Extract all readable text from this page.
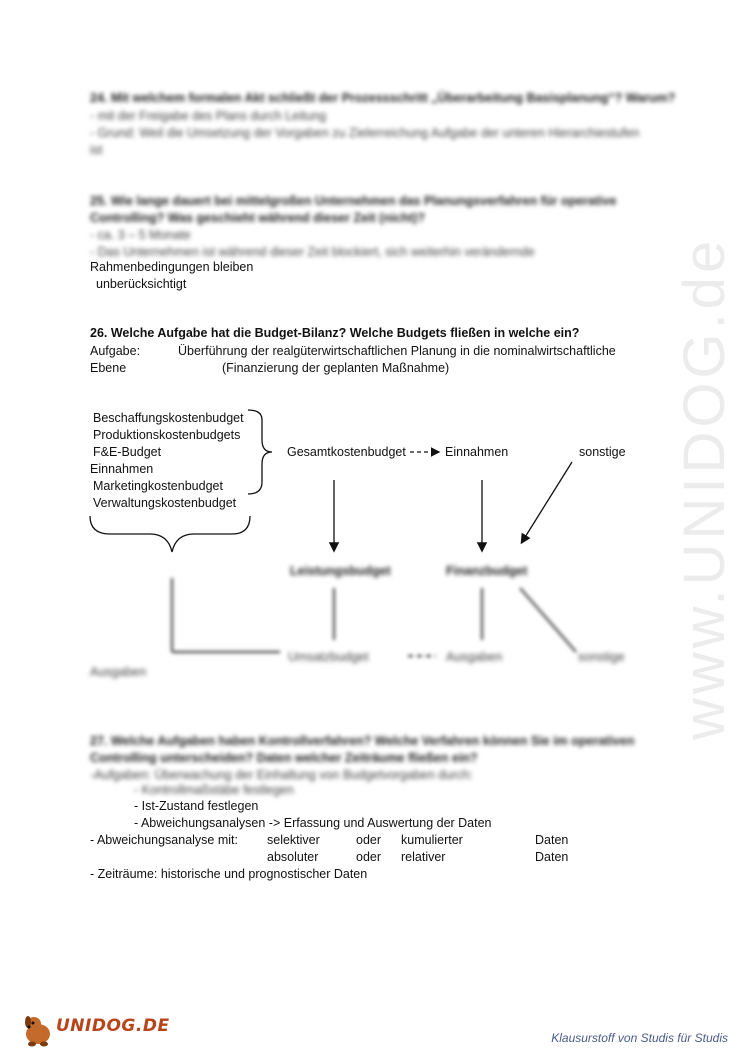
www.UNIDOG.de
24. Mit welchem formalen Akt schließt der Prozessschritt „Überarbeitung Basisplanung“? Warum?
- mit der Freigabe des Plans durch Leitung
- Grund: Weil die Umsetzung der Vorgaben zu Zielerreichung Aufgabe der unteren Hierarchiestufen
ist
25. Wie lange dauert bei mittelgroßen Unternehmen das Planungsverfahren für operative
Controlling? Was geschieht während dieser Zeit (nicht)?
- ca. 3 – 5 Monate
- Das Unternehmen ist während dieser Zeit blockiert, sich weiterhin verändernde
Rahmenbedingungen bleiben
unberücksichtigt
26. Welche Aufgabe hat die Budget-Bilanz? Welche Budgets fließen in welche ein?
Aufgabe:	Überführung der realgüterwirtschaftlichen Planung in die nominalwirtschaftliche
Ebene	(Finanzierung der geplanten Maßnahme)
Beschaffungskostenbudget
Produktionskostenbudgets
F&E-Budget
Einnahmen
Marketingkostenbudget
Verwaltungskostenbudget
Gesamtkostenbudget	Einnahmen	sonstige
Leistungsbudget	Finanzbudget
Umsatzbudget	Ausgaben	sonstige
Ausgaben
27. Welche Aufgaben haben Kontrollverfahren? Welche Verfahren können Sie im operativen
Controlling unterscheiden? Daten welcher Zeiträume fließen ein?
-Aufgaben: Überwachung der Einhaltung von Budgetvorgaben durch:
- Kontrollmaßstäbe festlegen
- Ist-Zustand festlegen
- Abweichungsanalysen -> Erfassung und Auswertung der Daten
- Abweichungsanalyse mit: selektiver	oder kumulierter	Daten
absoluter	oder relativer	Daten
- Zeiträume: historische und prognostischer Daten
UNIDOG.DE
Klausurstoff von Studis für Studis
